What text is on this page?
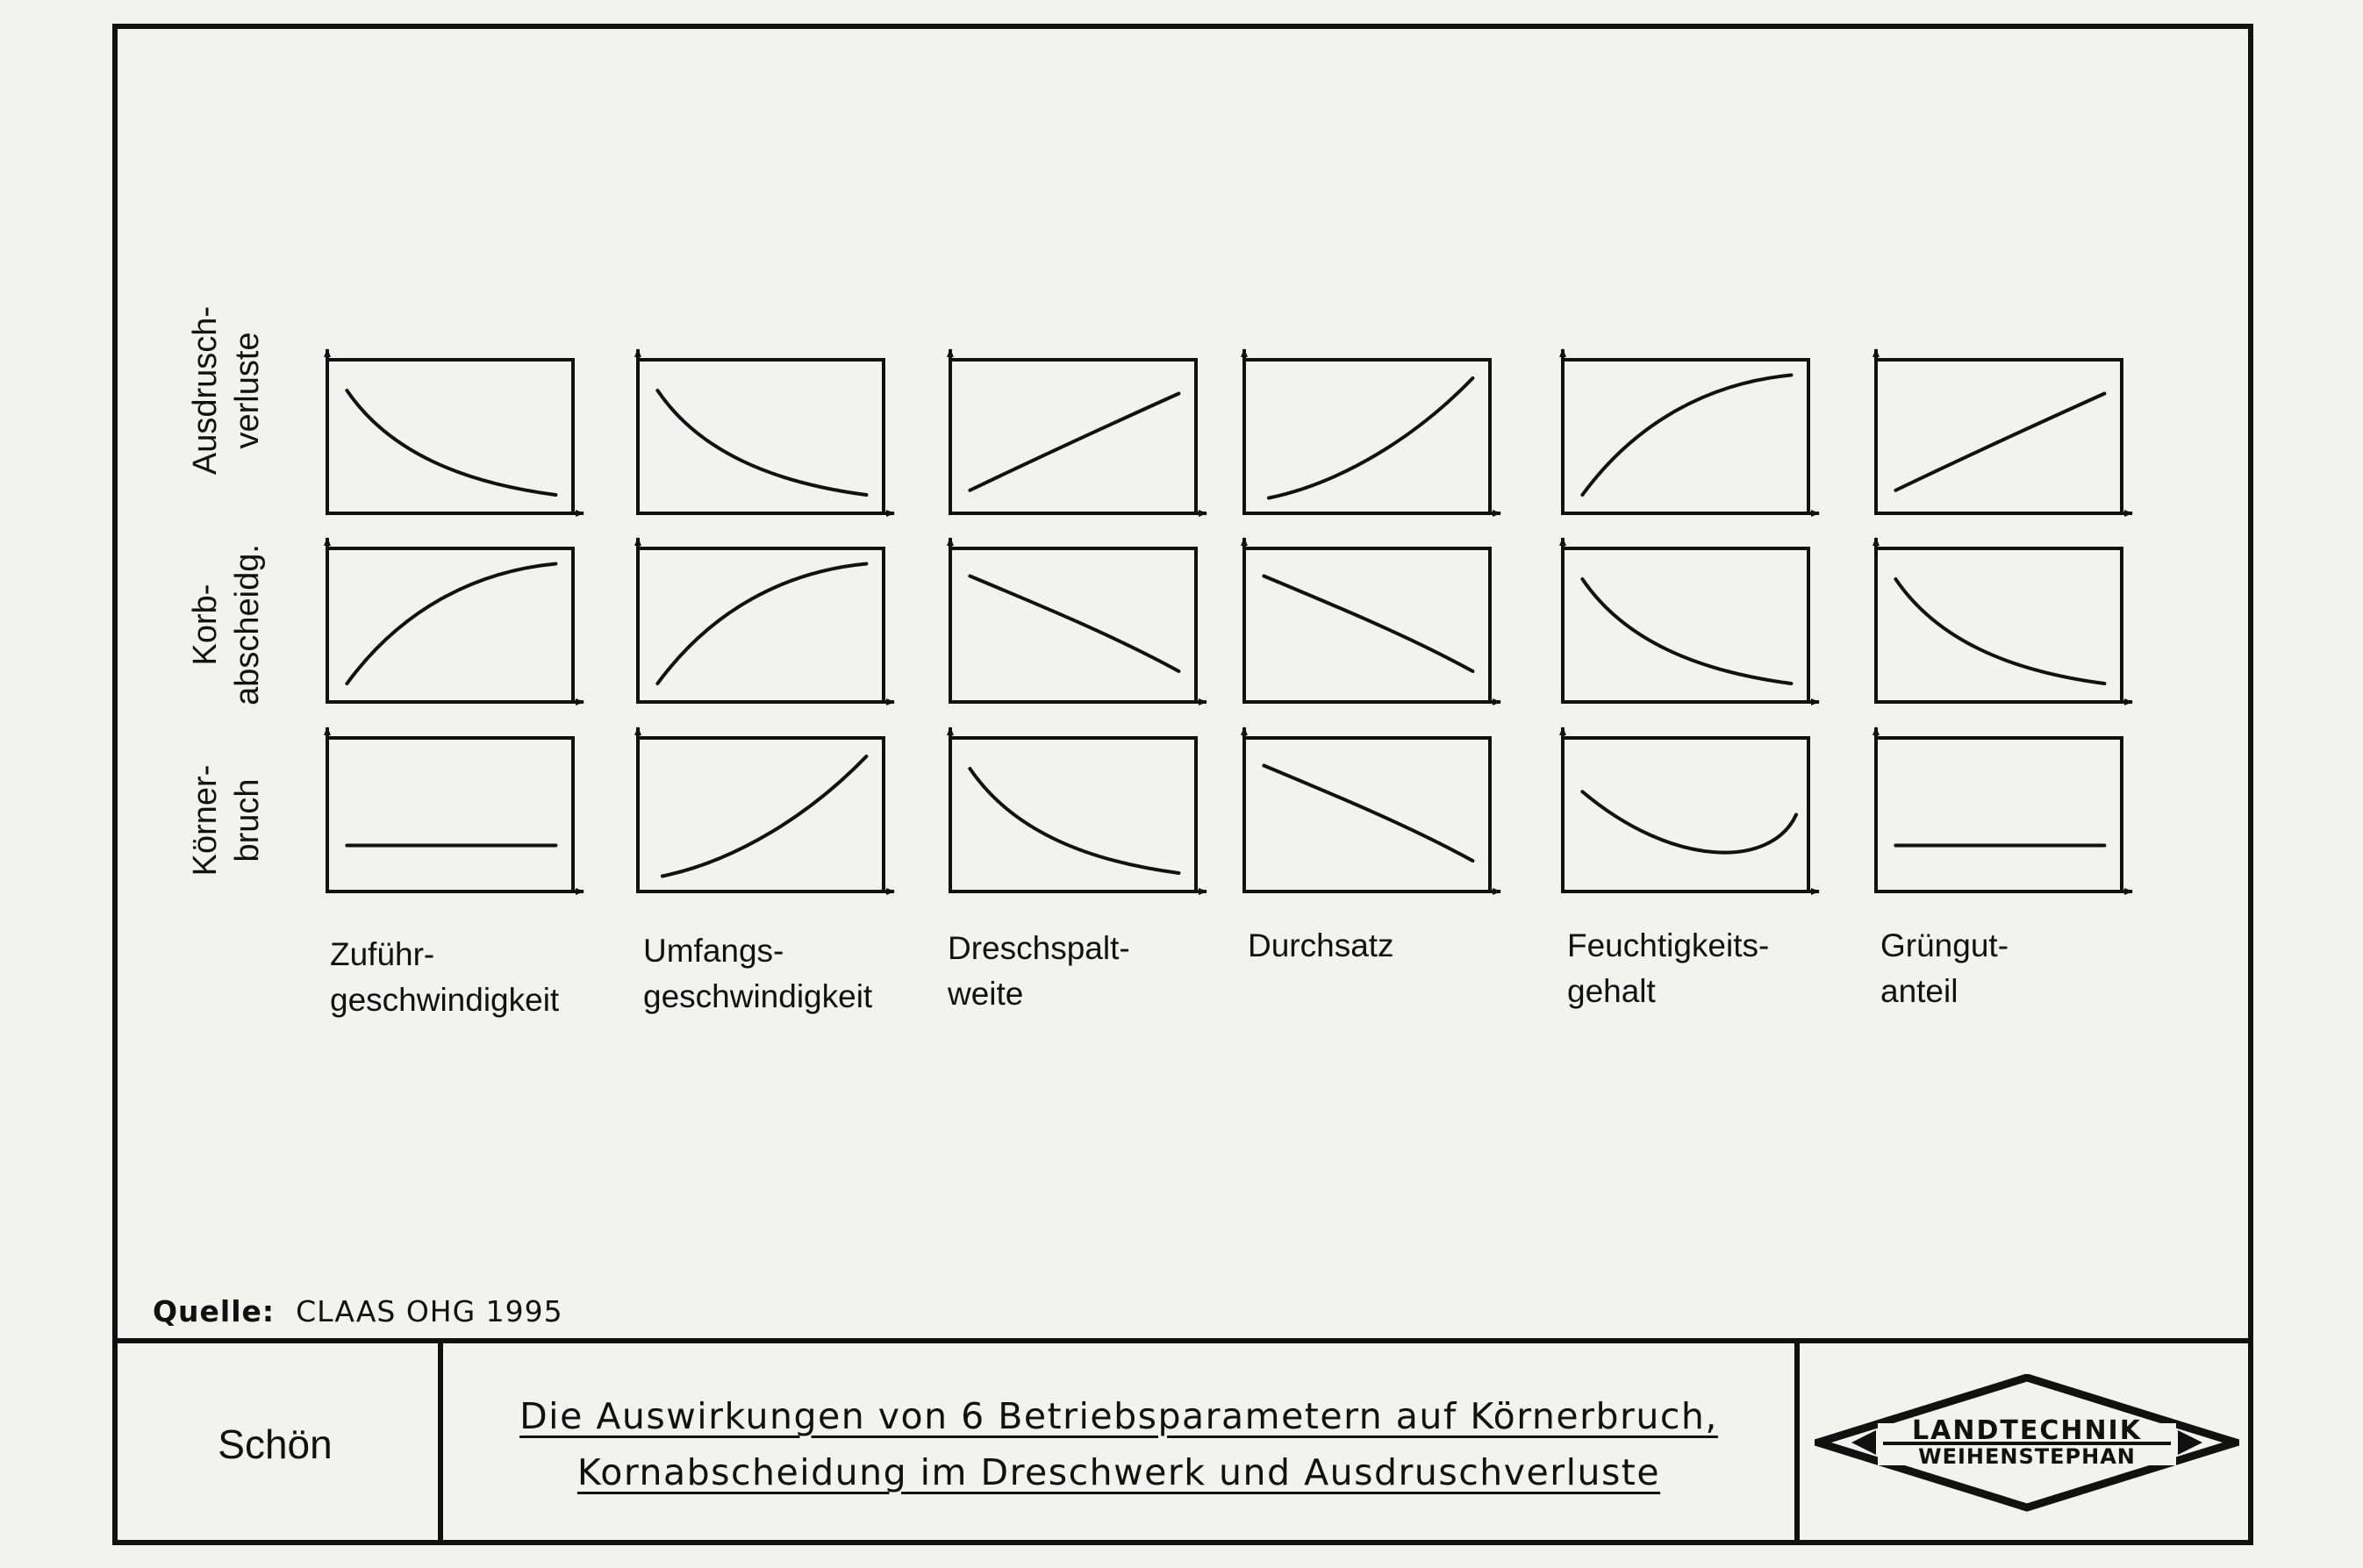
Ausdrusch- verluste
Korb- abscheidg.
Körner- bruch
Zuführ-
geschwindigkeit
Umfangs-
geschwindigkeit
Dreschspalt-
weite
Durchsatz	Feuchtigkeits-
gehalt
Grüngut-
anteil
Quelle: CLAAS OHG 1995
Schön
Die Auswirkungen von 6 Betriebsparametern auf Körnerbruch,
Kornabscheidung im Dreschwerk und Ausdruschverluste
LANDTECHNIK
WEIHENSTEPHAN
